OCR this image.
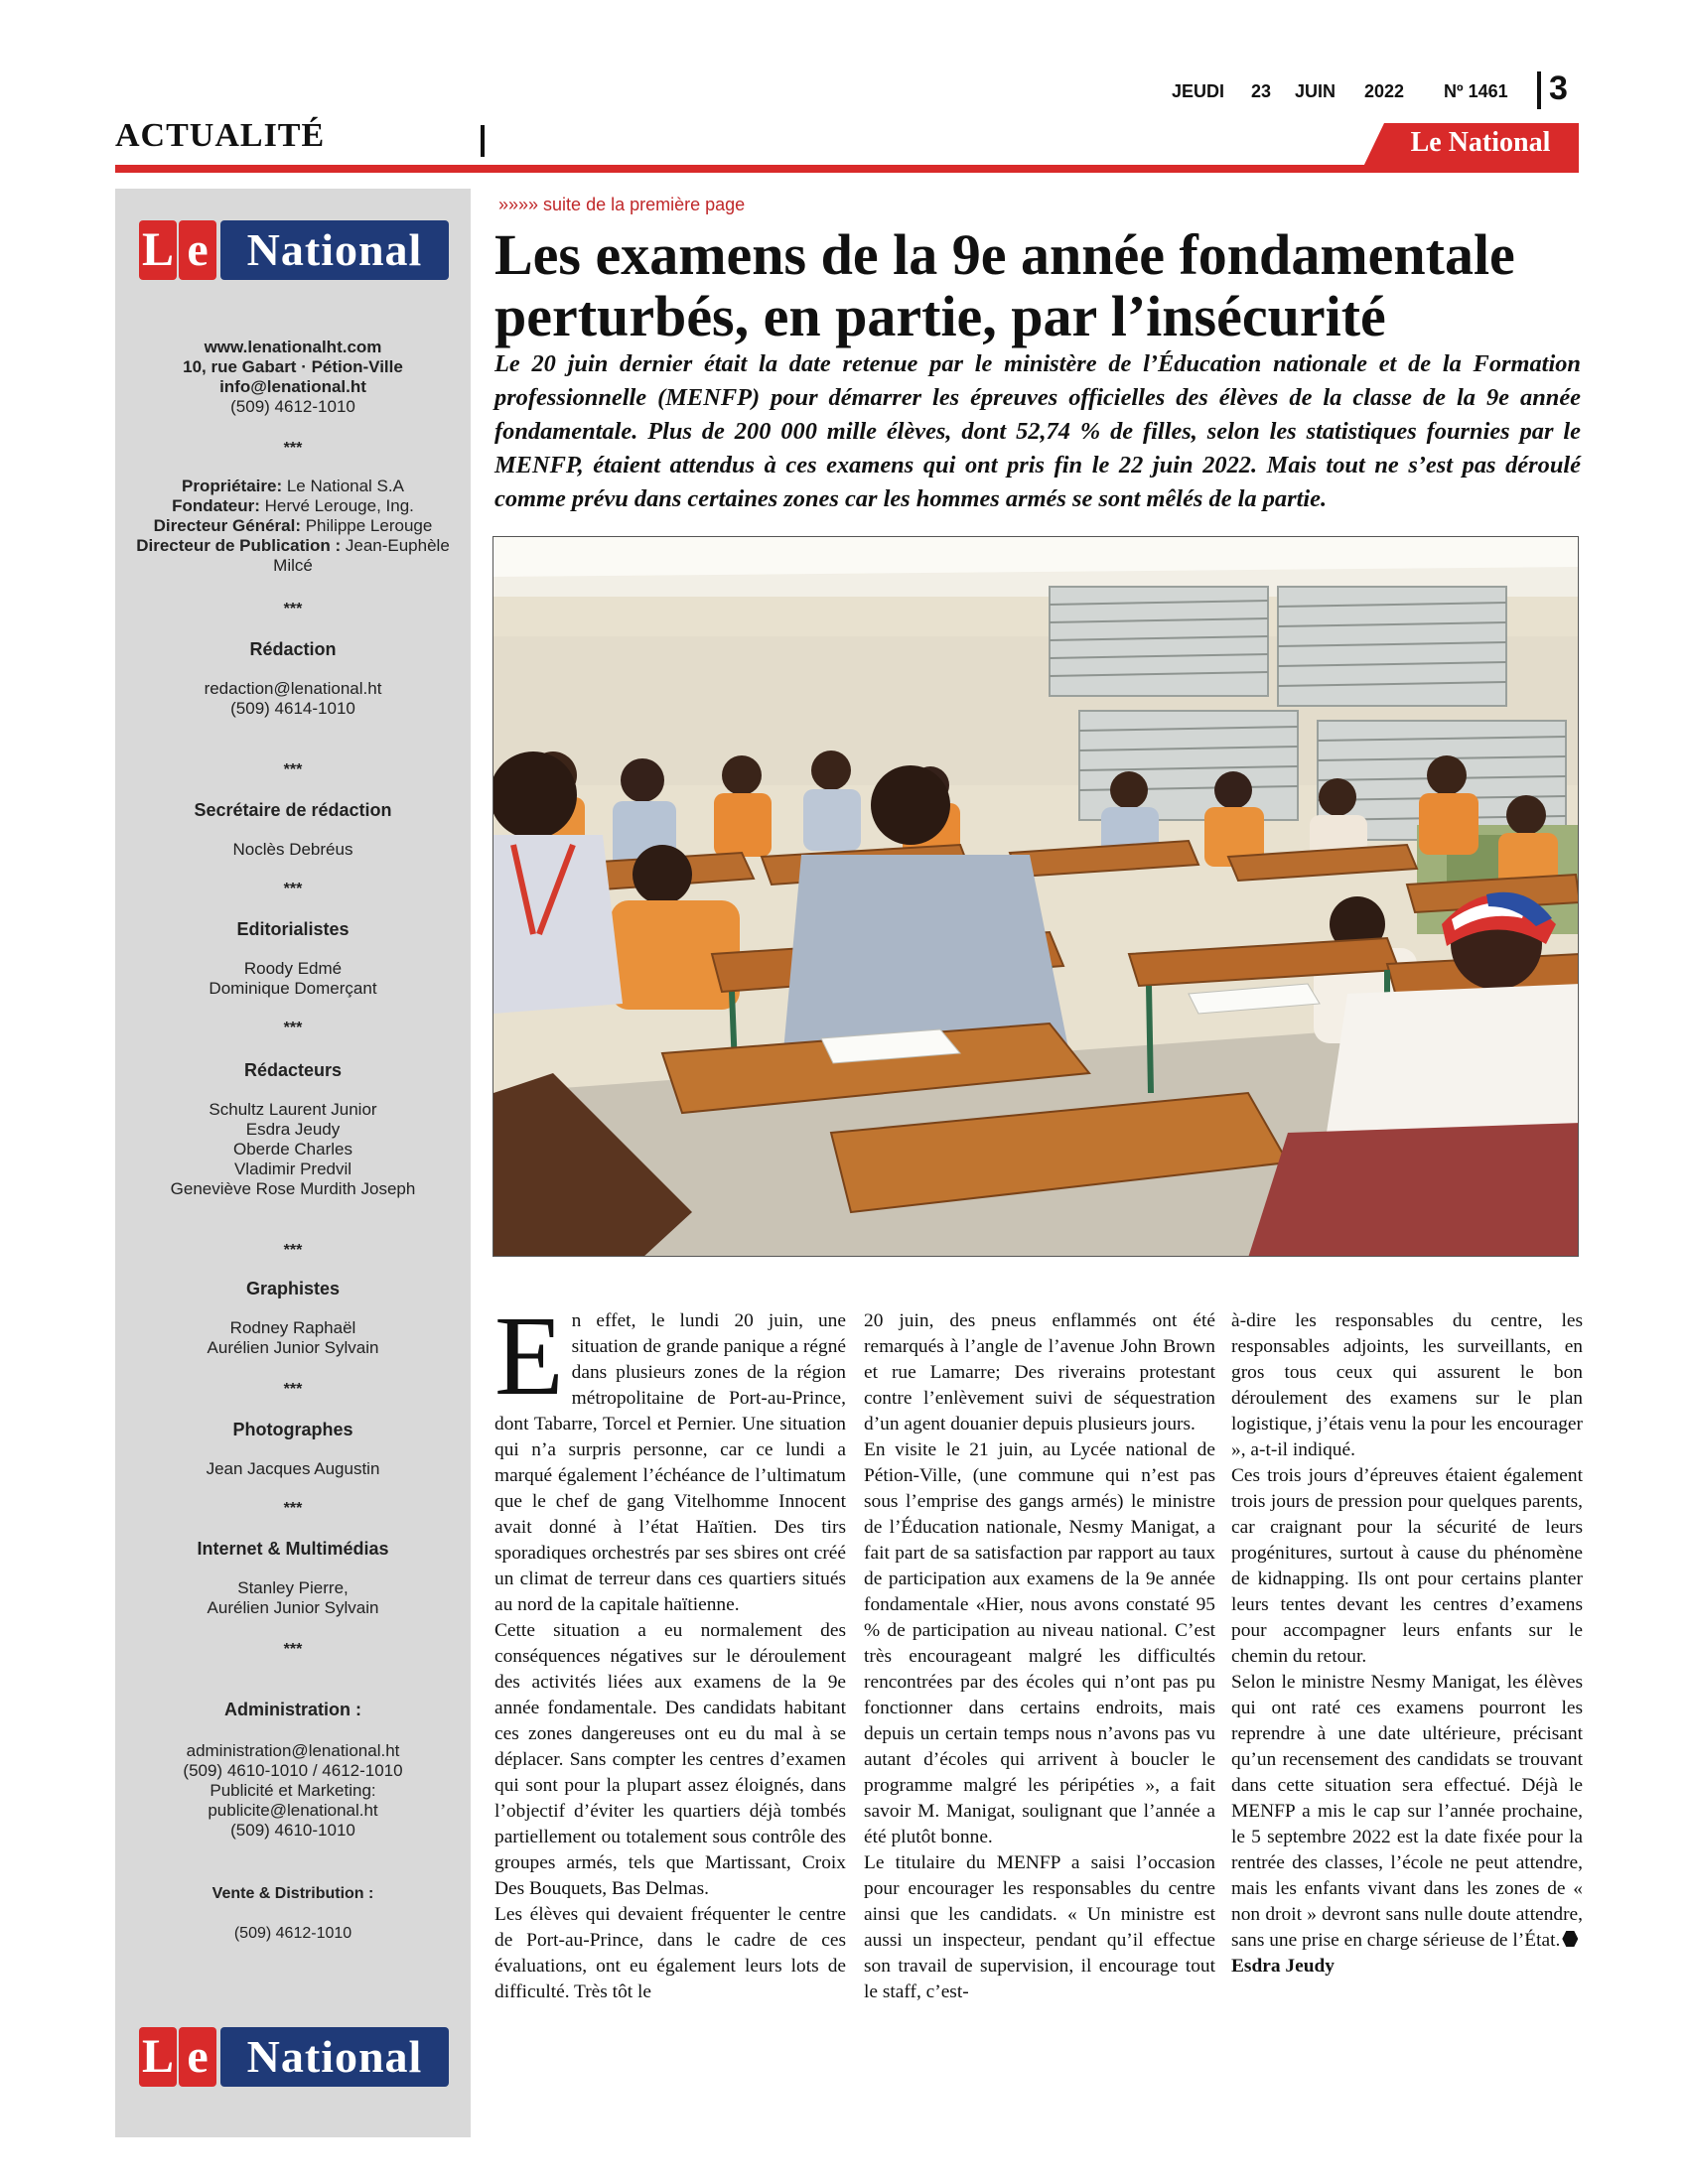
JEUDI 23 JUIN 2022 Nº 1461 3
ACTUALITÉ	Le National
L e National
www.lenationalht.com
10, rue Gabart · Pétion-Ville
info@lenational.ht
(509) 4612-1010
***
Propriétaire: Le National S.A
Fondateur: Hervé Lerouge, Ing.
Directeur Général: Philippe Lerouge
Directeur de Publication : Jean-Euphèle Milcé
***
Rédaction
redaction@lenational.ht
(509) 4614-1010
***
Secrétaire de rédaction
Noclès Debréus
***
Editorialistes
Roody Edmé
Dominique Domerçant
***
Rédacteurs
Schultz Laurent Junior
Esdra Jeudy
Oberde Charles
Vladimir Predvil
Geneviève Rose Murdith Joseph
***
Graphistes
Rodney Raphaël
Aurélien Junior Sylvain
***
Photographes
Jean Jacques Augustin
***
Internet & Multimédias
Stanley Pierre,
Aurélien Junior Sylvain
***
Administration :
administration@lenational.ht
(509) 4610-1010 / 4612-1010
Publicité et Marketing:
publicite@lenational.ht
(509) 4610-1010
Vente & Distribution :
(509) 4612-1010
L e National
»»»» suite de la première page
Les examens de la 9e année fondamentale perturbés, en partie, par l’insécurité

Le 20 juin dernier était la date retenue par le ministère de l’Éducation nationale et de la Formation professionnelle (MENFP) pour démarrer les épreuves officielles des élèves de la classe de la 9e année fondamentale. Plus de 200 000 mille élèves, dont 52,74 % de filles, selon les statistiques fournies par le MENFP, étaient attendus à ces examens qui ont pris fin le 22 juin 2022. Mais tout ne s’est pas déroulé comme prévu dans certaines zones car les hommes armés se sont mêlés de la partie.

En effet, le lundi 20 juin, une situation de grande panique a régné dans plusieurs zones de la région métropolitaine de Port-au-Prince, dont Tabarre, Torcel et Pernier. Une situation qui n’a surpris personne, car ce lundi a marqué également l’échéance de l’ultimatum que le chef de gang Vitelhomme Innocent avait donné à l’état Haïtien. Des tirs sporadiques orchestrés par ses sbires ont créé un climat de terreur dans ces quartiers situés au nord de la capitale haïtienne.

Cette situation a eu normalement des conséquences négatives sur le déroulement des activités liées aux examens de la 9e année fondamentale. Des candidats habitant ces zones dangereuses ont eu du mal à se déplacer. Sans compter les centres d’examen qui sont pour la plupart assez éloignés, dans l’objectif d’éviter les quartiers déjà tombés partiellement ou totalement sous contrôle des groupes armés, tels que Martissant, Croix Des Bouquets, Bas Delmas.

Les élèves qui devaient fréquenter le centre de Port-au-Prince, dans le cadre de ces évaluations, ont eu également leurs lots de difficulté. Très tôt le

20 juin, des pneus enflammés ont été remarqués à l’angle de l’avenue John Brown et rue Lamarre; Des riverains protestant contre l’enlèvement suivi de séquestration d’un agent douanier depuis plusieurs jours.

En visite le 21 juin, au Lycée national de Pétion-Ville, (une commune qui n’est pas sous l’emprise des gangs armés) le ministre de l’Éducation nationale, Nesmy Manigat, a fait part de sa satisfaction par rapport au taux de participation aux examens de la 9e année fondamentale «Hier, nous avons constaté 95 % de participation au niveau national. C’est très encourageant malgré les difficultés rencontrées par des écoles qui n’ont pas pu fonctionner dans certains endroits, mais depuis un certain temps nous n’avons pas vu autant d’écoles qui arrivent à boucler le programme malgré les péripéties », a fait savoir M. Manigat, soulignant que l’année a été plutôt bonne.

Le titulaire du MENFP a saisi l’occasion pour encourager les responsables du centre ainsi que les candidats. « Un ministre est aussi un inspecteur, pendant qu’il effectue son travail de supervision, il encourage tout le staff, c’est-

à-dire les responsables du centre, les responsables adjoints, les surveillants, en gros tous ceux qui assurent le bon déroulement des examens sur le plan logistique, j’étais venu la pour les encourager », a-t-il indiqué.

Ces trois jours d’épreuves étaient également trois jours de pression pour quelques parents, car craignant pour la sécurité de leurs progénitures, surtout à cause du phénomène de kidnapping. Ils ont pour certains planter leurs tentes devant les centres d’examens pour accompagner leurs enfants sur le chemin du retour.

Selon le ministre Nesmy Manigat, les élèves qui ont raté ces examens pourront les reprendre à une date ultérieure, précisant qu’un recensement des candidats se trouvant dans cette situation sera effectué. Déjà le MENFP a mis le cap sur l’année prochaine, le 5 septembre 2022 est la date fixée pour la rentrée des classes, l’école ne peut attendre, mais les enfants vivant dans les zones de « non droit » devront sans nulle doute attendre, sans une prise en charge sérieuse de l’État.

Esdra Jeudy
